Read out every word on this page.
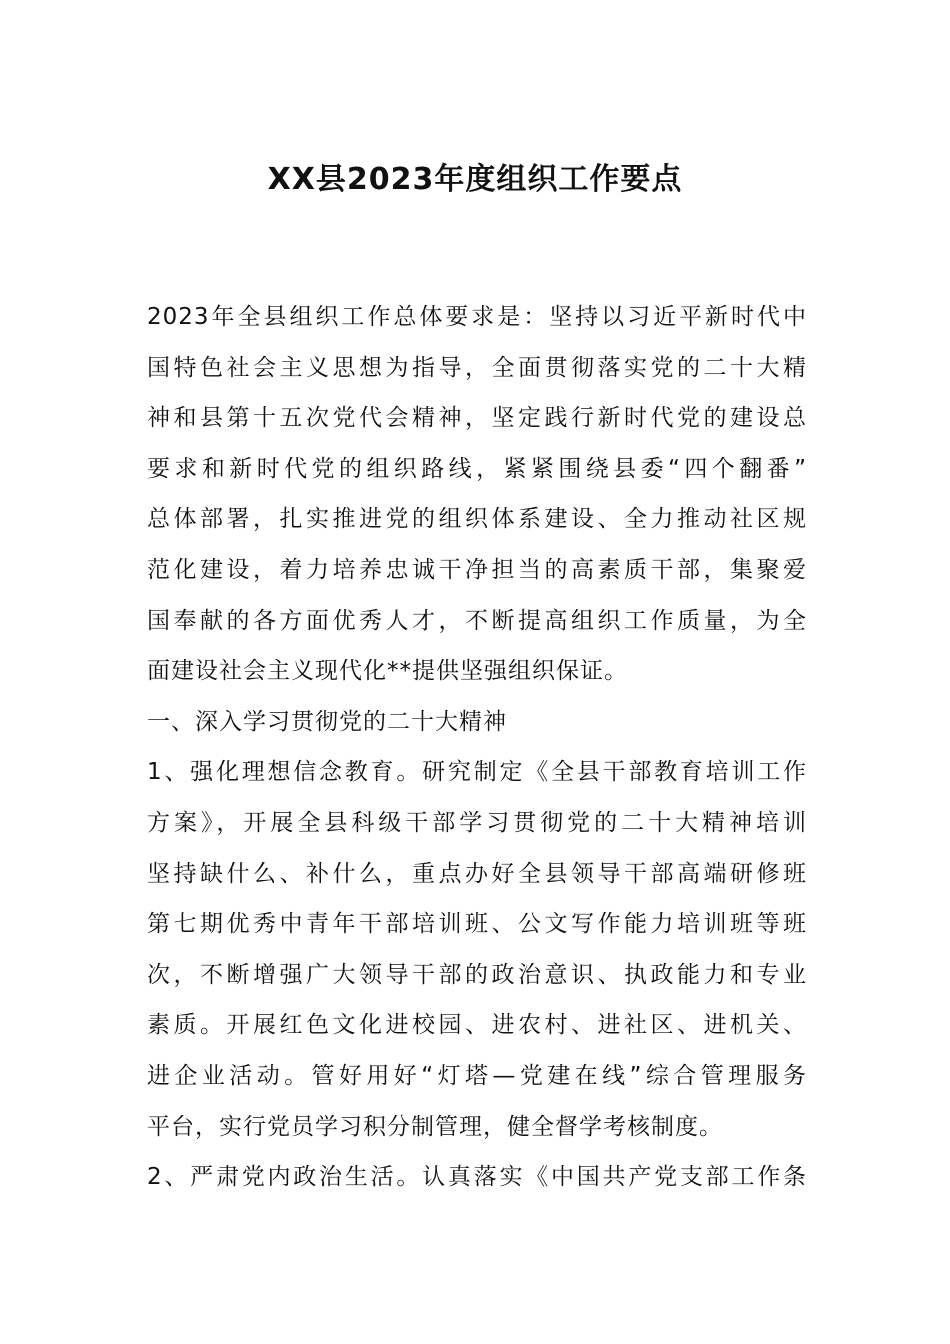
XX县2023年度组织工作要点
2023年全县组织工作总体要求是：坚持以习近平新时代中
国特色社会主义思想为指导，全面贯彻落实党的二十大精
神和县第十五次党代会精神，坚定践行新时代党的建设总
要求和新时代党的组织路线，紧紧围绕县委“四个翻番”
总体部署，扎实推进党的组织体系建设、全力推动社区规
范化建设，着力培养忠诚干净担当的高素质干部，集聚爱
国奉献的各方面优秀人才，不断提高组织工作质量，为全
面建设社会主义现代化**提供坚强组织保证。
一、深入学习贯彻党的二十大精神
1、强化理想信念教育。研究制定《全县干部教育培训工作
方案》，开展全县科级干部学习贯彻党的二十大精神培训
坚持缺什么、补什么，重点办好全县领导干部高端研修班
第七期优秀中青年干部培训班、公文写作能力培训班等班
次，不断增强广大领导干部的政治意识、执政能力和专业
素质。开展红色文化进校园、进农村、进社区、进机关、
进企业活动。管好用好“灯塔—党建在线”综合管理服务
平台，实行党员学习积分制管理，健全督学考核制度。
2、严肃党内政治生活。认真落实《中国共产党支部工作条
